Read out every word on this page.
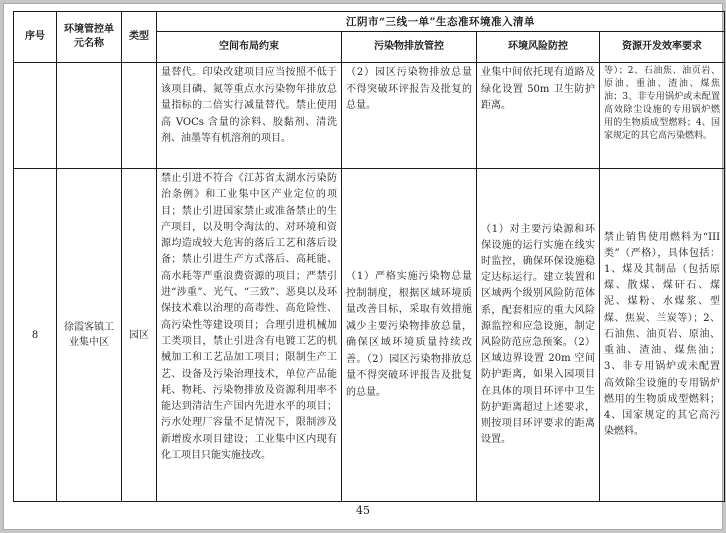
序号	环境管控单元名称	类型	江阴市“三线一单”生态准环境准入清单			
			空间布局约束	污染物排放管控	环境风险防控	资源开发效率要求
			量替代。印染改建项目应当按照不低于该项目磷、氮等重点水污染物年排放总量指标的二倍实行减量替代。禁止使用高 VOCs 含量的涂料、胶黏剂、清洗剂、油墨等有机溶剂的项目。	（2）园区污染物排放总量不得突破环评报告及批复的总量。	业集中间依托现有道路及绿化设置 50m 卫生防护距离。	等）；2、石油焦、油页岩、原油、重油、渣油、煤焦油；3、非专用锅炉或未配置高效除尘设施的专用锅炉燃用的生物质成型燃料；4、国家规定的其它高污染燃料。
8	徐霞客镇工业集中区	园区	禁止引进不符合《江苏省太湖水污染防治条例》和工业集中区产业定位的项目；禁止引进国家禁止或准备禁止的生产项目，以及明令淘汰的、对环境和资源均造成较大危害的落后工艺和落后设备；禁止引进生产方式落后、高耗能、高水耗等严重浪费资源的项目；严禁引进“涉重”、光气、“三致”、恶臭以及环保技术难以治理的高毒性、高危险性、高污染性等建设项目；合理引进机械加工类项目，禁止引进含有电镀工艺的机械加工和工艺品加工项目；限制生产工艺、设备及污染治理技术，单位产品能耗、物耗、污染物排放及资源利用率不能达到清洁生产国内先进水平的项目；污水处理厂容量不足情况下，限制涉及新增废水项目建设；工业集中区内现有化工项目只能实施技改。	（1）严格实施污染物总量控制制度，根据区域环境质量改善目标，采取有效措施减少主要污染物排放总量，确保区域环境质量持续改善。（2）园区污染物排放总量不得突破环评报告及批复的总量。	（1）对主要污染源和环保设施的运行实施在线实时监控，确保环保设施稳定达标运行。建立装置和区域两个级别风险防范体系，配套相应的重大风险源监控和应急设施，制定风险防范应急预案。（2）区域边界设置 20m 空间防护距离，如果入园项目在具体的项目环评中卫生防护距离超过上述要求，则按项目环评要求的距离设置。	禁止销售使用燃料为“III类”（严格），具体包括：1、煤及其制品（包括原煤、散煤、煤矸石、煤泥、煤粉、水煤浆、型煤、焦炭、兰炭等）；2、石油焦、油页岩、原油、重油、渣油、煤焦油；3、非专用锅炉或未配置高效除尘设施的专用锅炉燃用的生物质成型燃料；4、国家规定的其它高污染燃料。
45
